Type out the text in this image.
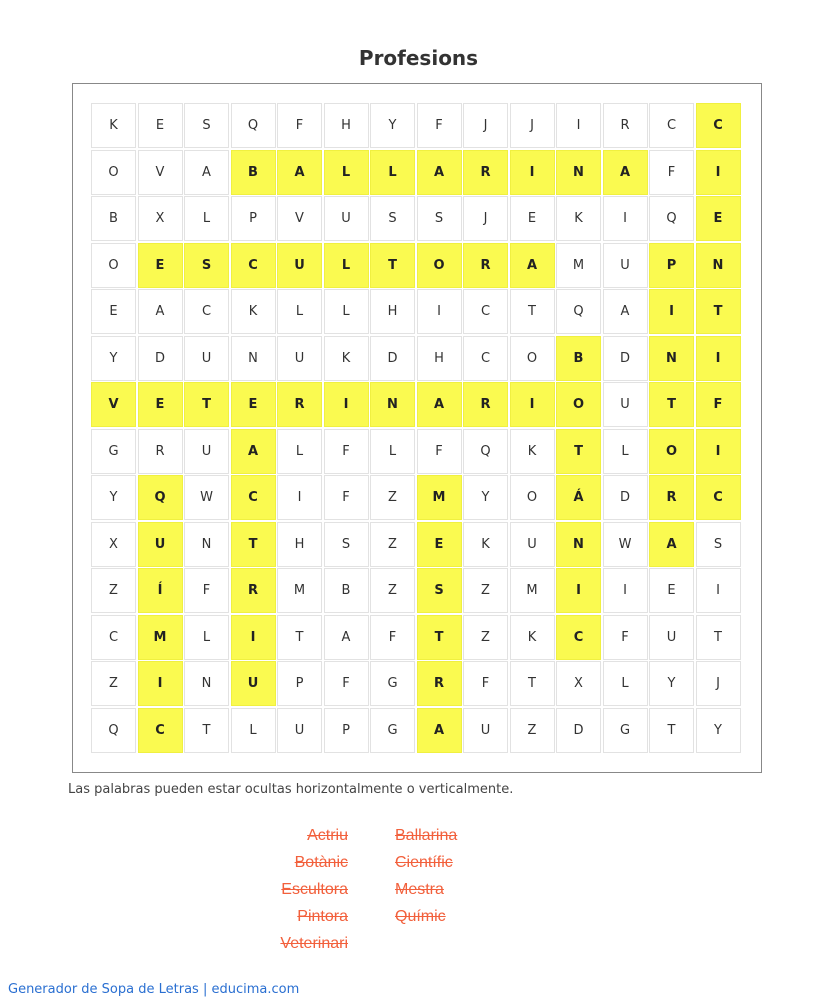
Profesions
K	E	S	Q	F	H	Y	F	J	J	I	R	C	C
O	V	A	B	A	L	L	A	R	I	N	A	F	I
B	X	L	P	V	U	S	S	J	E	K	I	Q	E
O	E	S	C	U	L	T	O	R	A	M	U	P	N
E	A	C	K	L	L	H	I	C	T	Q	A	I	T
Y	D	U	N	U	K	D	H	C	O	B	D	N	I
V	E	T	E	R	I	N	A	R	I	O	U	T	F
G	R	U	A	L	F	L	F	Q	K	T	L	O	I
Y	Q	W	C	I	F	Z	M	Y	O	Á	D	R	C
X	U	N	T	H	S	Z	E	K	U	N	W	A	S
Z	Í	F	R	M	B	Z	S	Z	M	I	I	E	I
C	M	L	I	T	A	F	T	Z	K	C	F	U	T
Z	I	N	U	P	F	G	R	F	T	X	L	Y	J
Q	C	T	L	U	P	G	A	U	Z	D	G	T	Y
Las palabras pueden estar ocultas horizontalmente o verticalmente.
Actriu
Botànic
Escultora
Pintora
Veterinari
Ballarina
Científic
Mestra
Químic
Generador de Sopa de Letras | educima.com
